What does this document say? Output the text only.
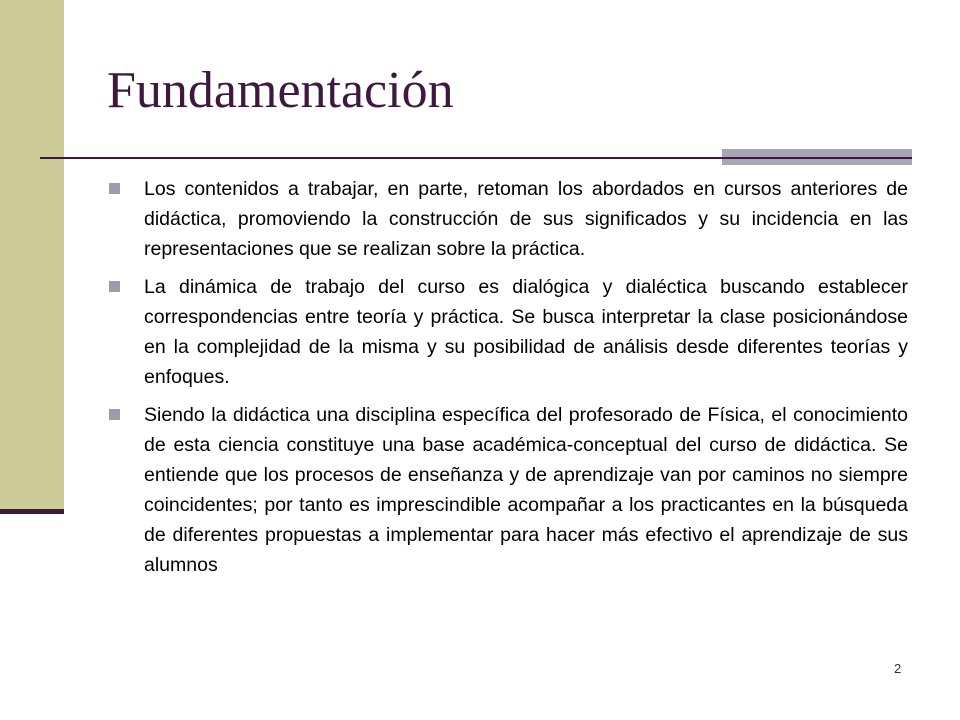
Fundamentación
Los contenidos a trabajar, en parte, retoman los abordados en cursos anteriores de didáctica, promoviendo la construcción de sus significados y su incidencia en las representaciones que se realizan sobre la práctica.
La dinámica de trabajo del curso es dialógica y dialéctica buscando establecer correspondencias entre teoría y práctica. Se busca interpretar la clase posicionándose en la complejidad de la misma y su posibilidad de análisis desde diferentes teorías y enfoques.
Siendo la didáctica una disciplina específica del profesorado de Física, el conocimiento de esta ciencia constituye una base académica-conceptual del curso de didáctica. Se entiende que los procesos de enseñanza y de aprendizaje van por caminos no siempre coincidentes; por tanto es imprescindible acompañar a los practicantes en la búsqueda de diferentes propuestas a implementar para hacer más efectivo el aprendizaje de sus alumnos
2
